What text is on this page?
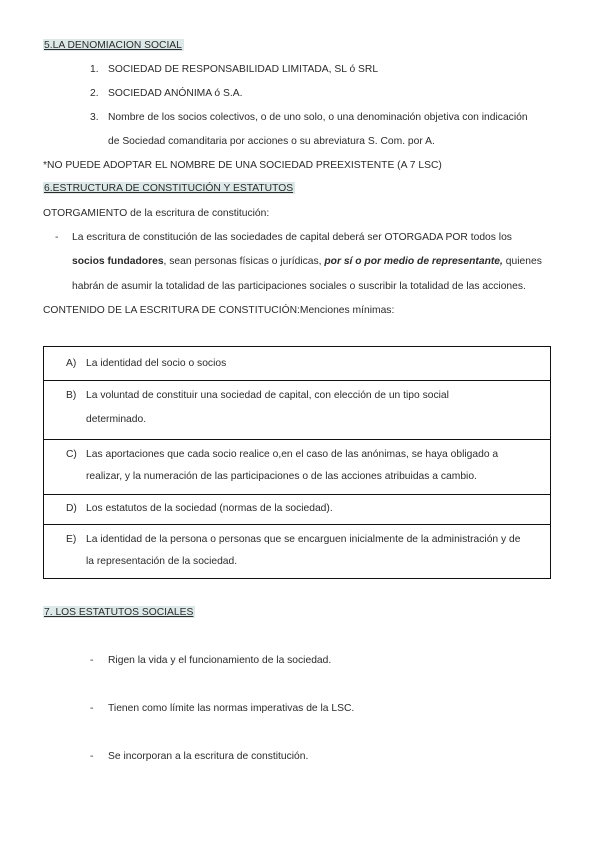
5.LA DENOMIACION SOCIAL
1. SOCIEDAD DE RESPONSABILIDAD LIMITADA, SL ó SRL
2. SOCIEDAD ANÓNIMA ó S.A.
3. Nombre de los socios colectivos, o de uno solo, o una denominación objetiva con indicación
de Sociedad comanditaria por acciones o su abreviatura S. Com. por A.
*NO PUEDE ADOPTAR EL NOMBRE DE UNA SOCIEDAD PREEXISTENTE (A 7 LSC)
6.ESTRUCTURA DE CONSTITUCIÓN Y ESTATUTOS
OTORGAMIENTO de la escritura de constitución:
- La escritura de constitución de las sociedades de capital deberá ser OTORGADA POR todos los
socios fundadores, sean personas físicas o jurídicas, por sí o por medio de representante, quienes
habrán de asumir la totalidad de las participaciones sociales o suscribir la totalidad de las acciones.
CONTENIDO DE LA ESCRITURA DE CONSTITUCIÓN:Menciones mínimas:
A) La identidad del socio o socios

B) La voluntad de constituir una sociedad de capital, con elección de un tipo social
determinado.

C) Las aportaciones que cada socio realice o,en el caso de las anónimas, se haya obligado a
realizar, y la numeración de las participaciones o de las acciones atribuidas a cambio.

D) Los estatutos de la sociedad (normas de la sociedad).

E) La identidad de la persona o personas que se encarguen inicialmente de la administración y de
la representación de la sociedad.
7. LOS ESTATUTOS SOCIALES
- Rigen la vida y el funcionamiento de la sociedad.
- Tienen como límite las normas imperativas de la LSC.
- Se incorporan a la escritura de constitución.
